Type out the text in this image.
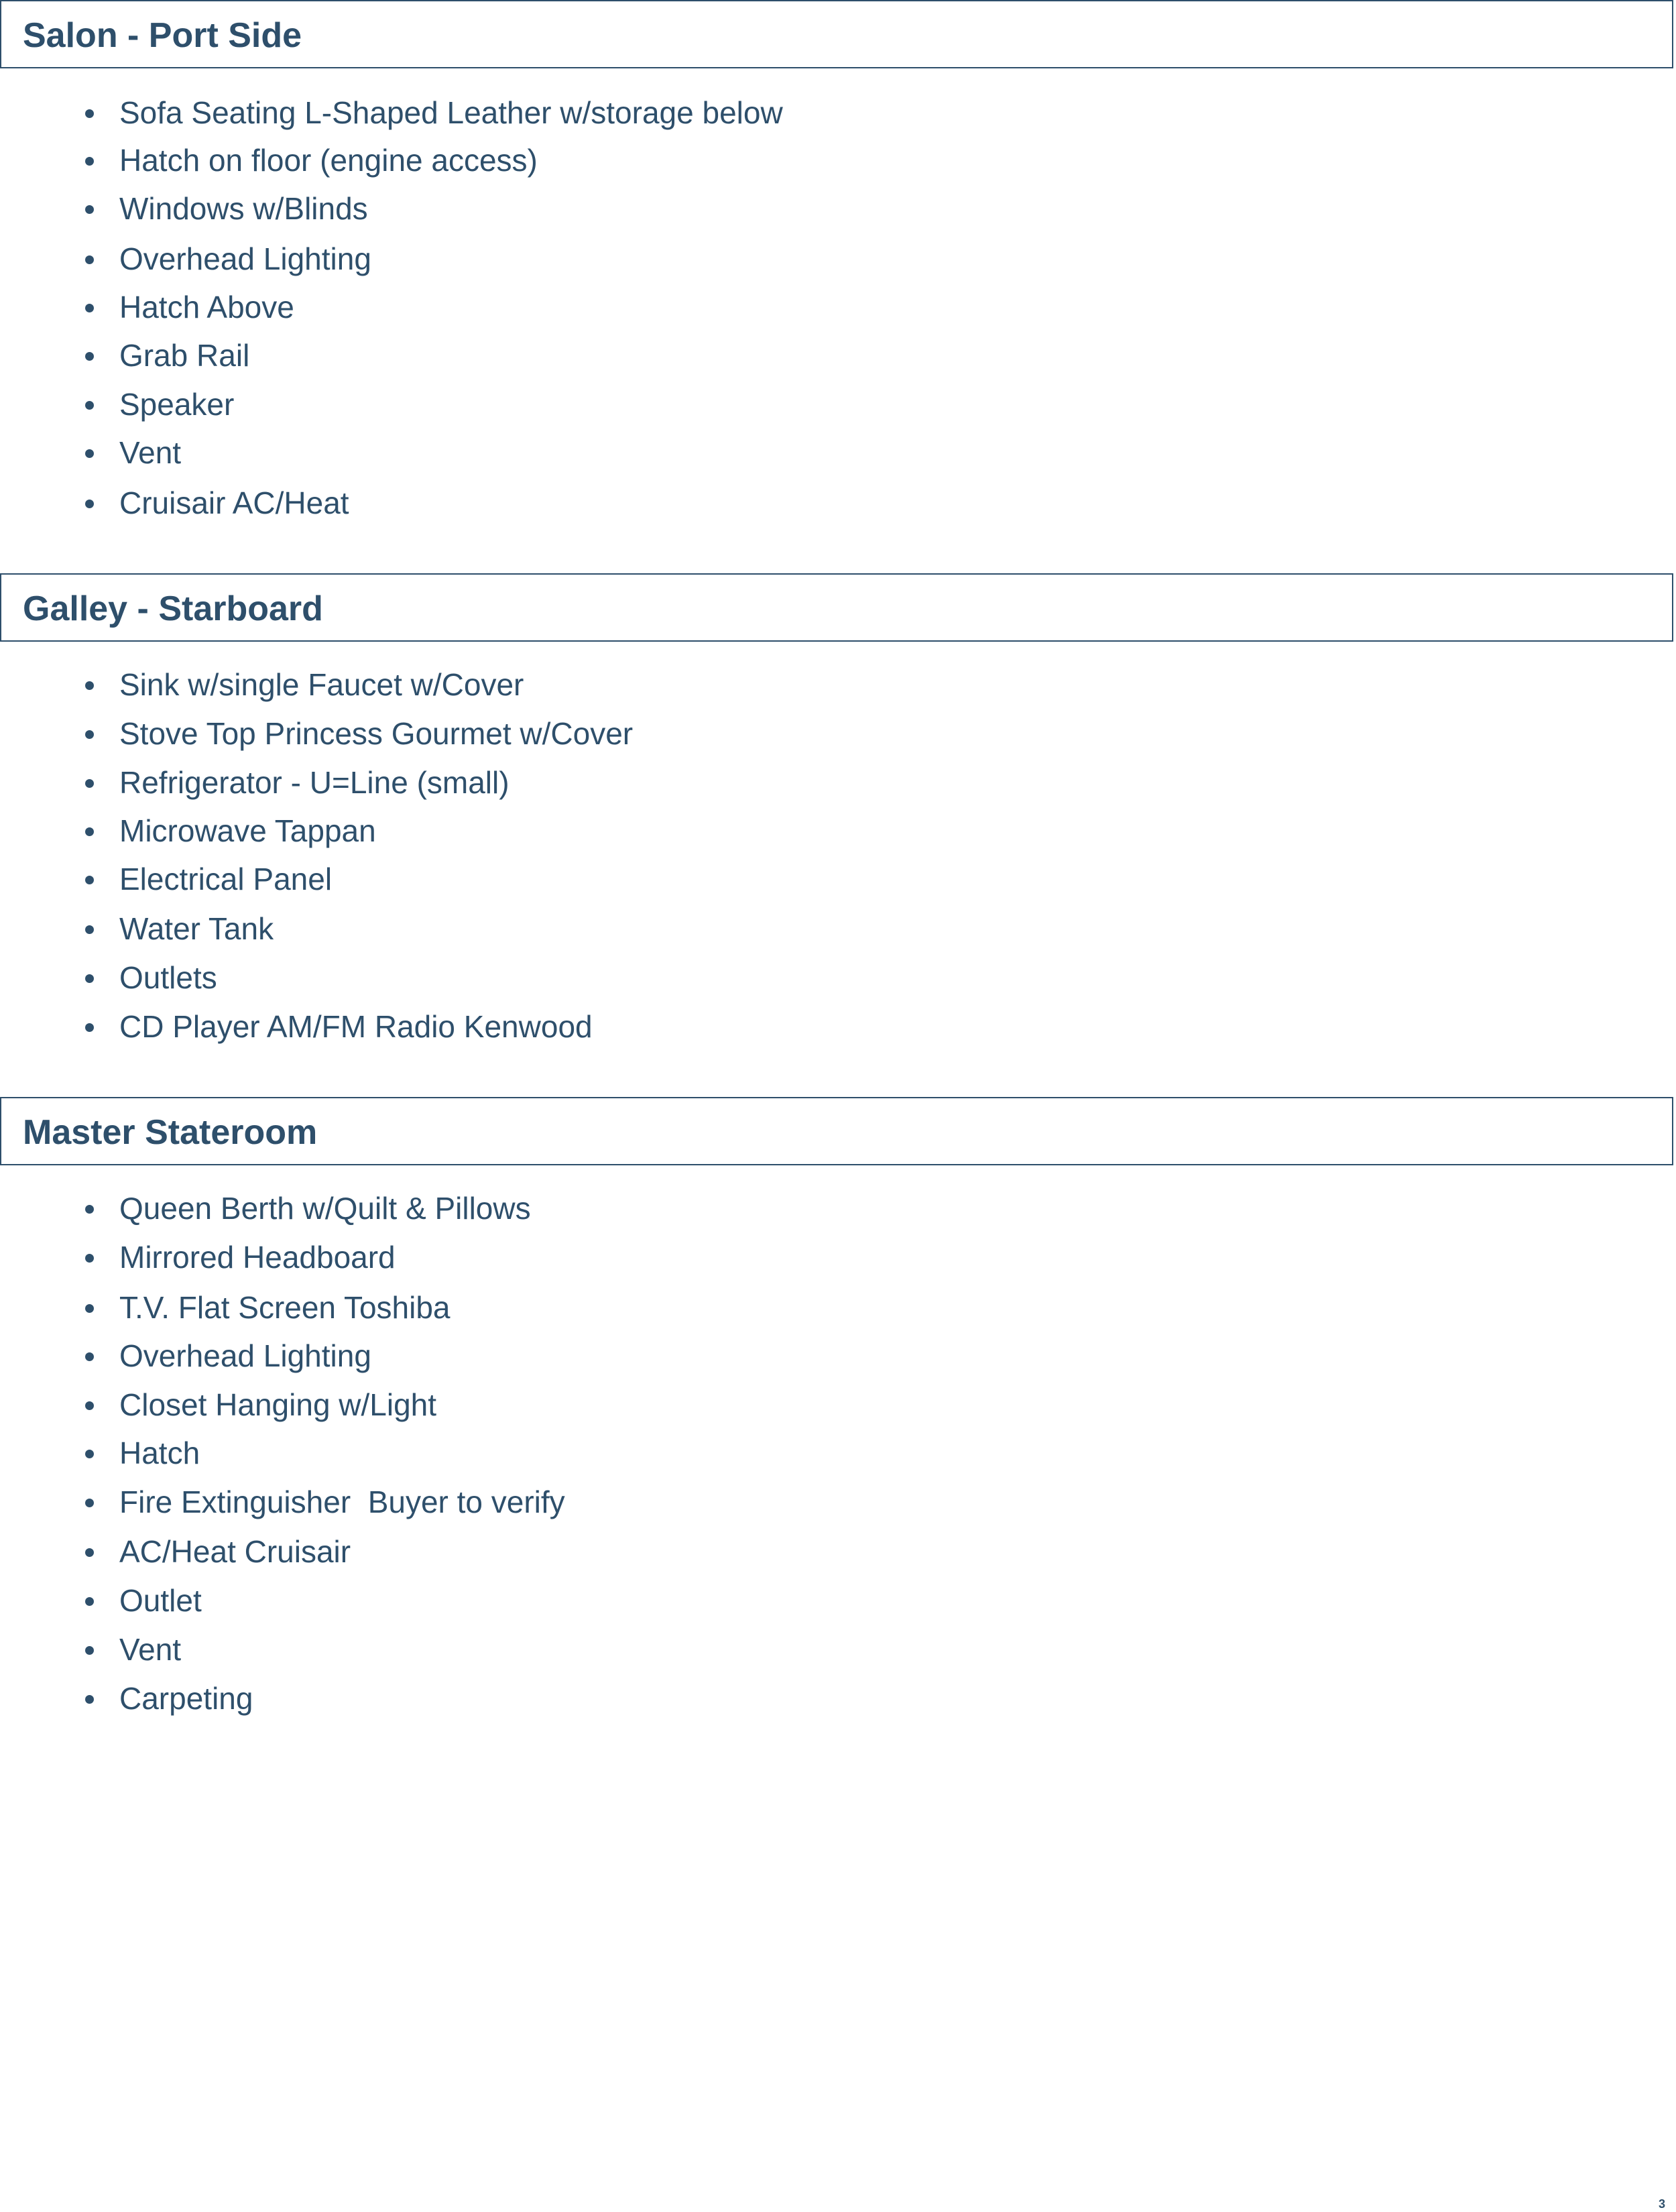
Salon - Port Side
Sofa Seating L-Shaped Leather w/storage below
Hatch on floor (engine access)
Windows w/Blinds
Overhead Lighting
Hatch Above
Grab Rail
Speaker
Vent
Cruisair AC/Heat
Galley - Starboard
Sink w/single Faucet w/Cover
Stove Top Princess Gourmet w/Cover
Refrigerator - U=Line (small)
Microwave Tappan
Electrical Panel
Water Tank
Outlets
CD Player AM/FM Radio Kenwood
Master Stateroom
Queen Berth w/Quilt & Pillows
Mirrored Headboard
T.V. Flat Screen Toshiba
Overhead Lighting
Closet Hanging w/Light
Hatch
Fire Extinguisher  Buyer to verify
AC/Heat Cruisair
Outlet
Vent
Carpeting
3
